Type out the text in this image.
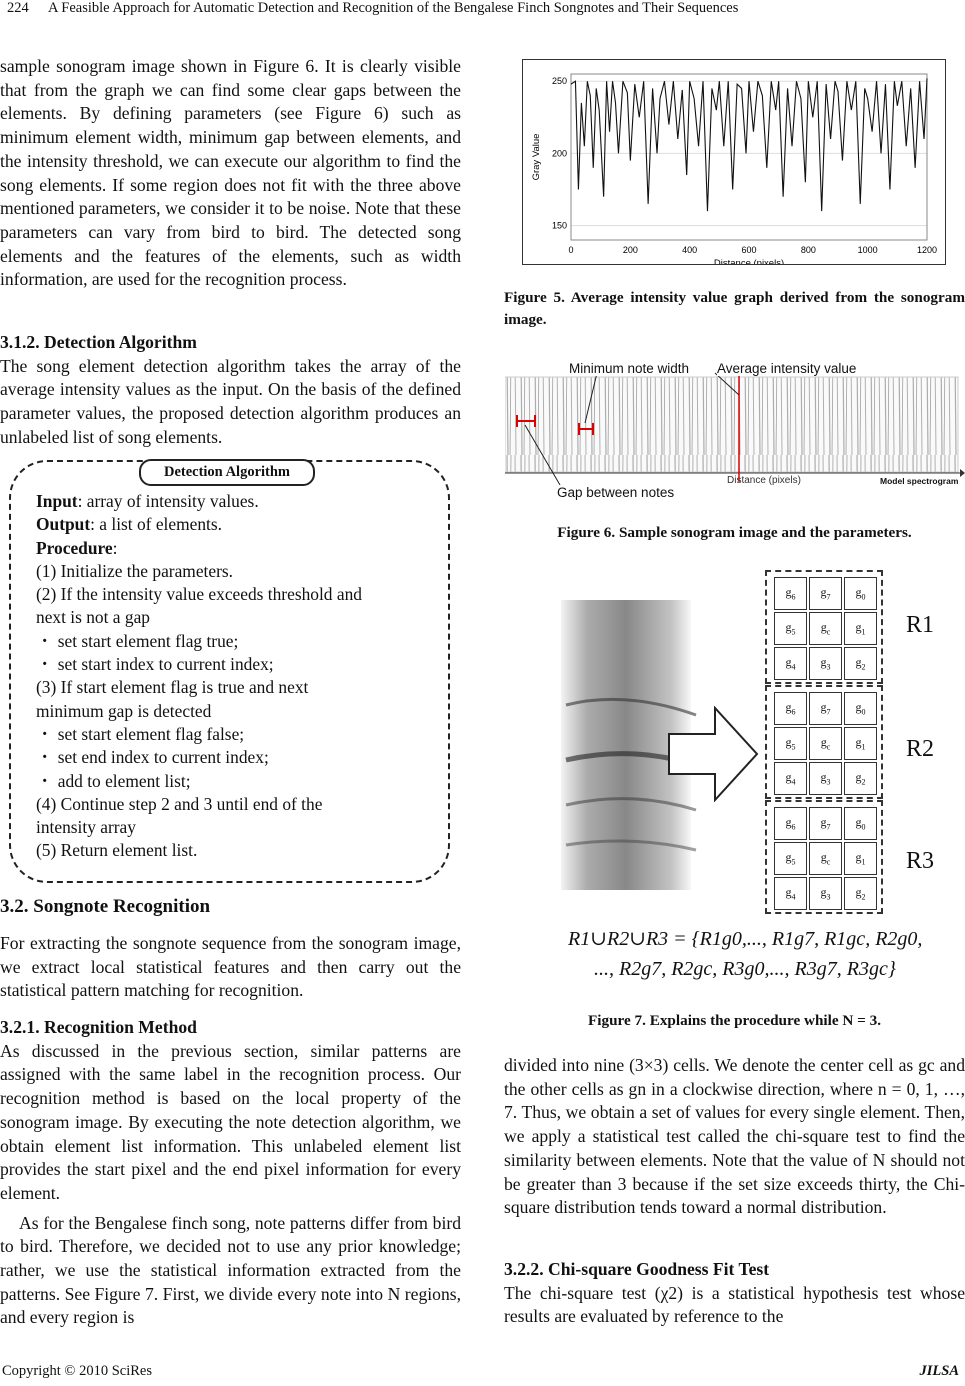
224 A Feasible Approach for Automatic Detection and Recognition of the Bengalese Finch Songnotes and Their Sequences

sample sonogram image shown in Figure 6. It is clearly visible that from the graph we can find some clear gaps between the elements. By defining parameters (see Figure 6) such as minimum element width, minimum gap between elements, and the intensity threshold, we can execute our algorithm to find the song elements. If some region does not fit with the three above mentioned parameters, we consider it to be noise. Note that these parameters can vary from bird to bird. The detected song elements and the features of the elements, such as width information, are used for the recognition process.

3.1.2. Detection Algorithm

The song element detection algorithm takes the array of the average intensity values as the input. On the basis of the defined parameter values, the proposed detection algorithm produces an unlabeled list of song elements.

Detection Algorithm
Input: array of intensity values.
Output: a list of elements.
Procedure:
(1) Initialize the parameters.
(2) If the intensity value exceeds threshold and
next is not a gap
・ set start element flag true;
・ set start index to current index;
(3) If start element flag is true and next
minimum gap is detected
・ set start element flag false;
・ set end index to current index;
・ add to element list;
(4) Continue step 2 and 3 until end of the
intensity array
(5) Return element list.
3.2. Songnote Recognition

For extracting the songnote sequence from the sonogram image, we extract local statistical features and then carry out the statistical pattern matching for recognition.

3.2.1. Recognition Method

As discussed in the previous section, similar patterns are assigned with the same label in the recognition process. Our recognition method is based on the local property of the sonogram image. By executing the note detection algorithm, we obtain element list information. This unlabeled element list provides the start pixel and the end pixel information for every element.

As for the Bengalese finch song, note patterns differ from bird to bird. Therefore, we decided not to use any prior knowledge; rather, we use the statistical information extracted from the patterns. See Figure 7. First, we divide every note into N regions, and every region is

0	200	400	600	800	1000	1200
150
200
250
Distance (pixels)
Gray Value
Figure 5. Average intensity value graph derived from the sonogram image.
Minimum note width Average intensity value
Gap between notes
Distance (pixels)	Model spectrogram
Figure 6. Sample sonogram image and the parameters.
$g_6$	$g_7$	$g_0$
$g_5$	$g_c$	$g_1$
$g_4$	$g_3$	$g_2$
$g_6$	$g_7$	$g_0$
$g_5$	$g_c$	$g_1$
$g_4$	$g_3$	$g_2$
$g_6$	$g_7$	$g_0$
$g_5$	$g_c$	$g_1$
$g_4$	$g_3$	$g_2$
R1
R2
R3
R1∪R2∪R3 = {R1g0,..., R1g7, R1gc, R2g0,
..., R2g7, R2gc, R3g0,..., R3g7, R3gc}
Figure 7. Explains the procedure while N = 3.

divided into nine (3×3) cells. We denote the center cell as gc and the other cells as gn in a clockwise direction, where n = 0, 1, …, 7. Thus, we obtain a set of values for every single element. Then, we apply a statistical test called the chi-square test to find the similarity between elements. Note that the value of N should not be greater than 3 because if the set size exceeds thirty, the Chi-square distribution tends toward a normal distribution.

3.2.2. Chi-square Goodness Fit Test

The chi-square test (χ2) is a statistical hypothesis test whose results are evaluated by reference to the

Copyright © 2010 SciRes	JILSA
